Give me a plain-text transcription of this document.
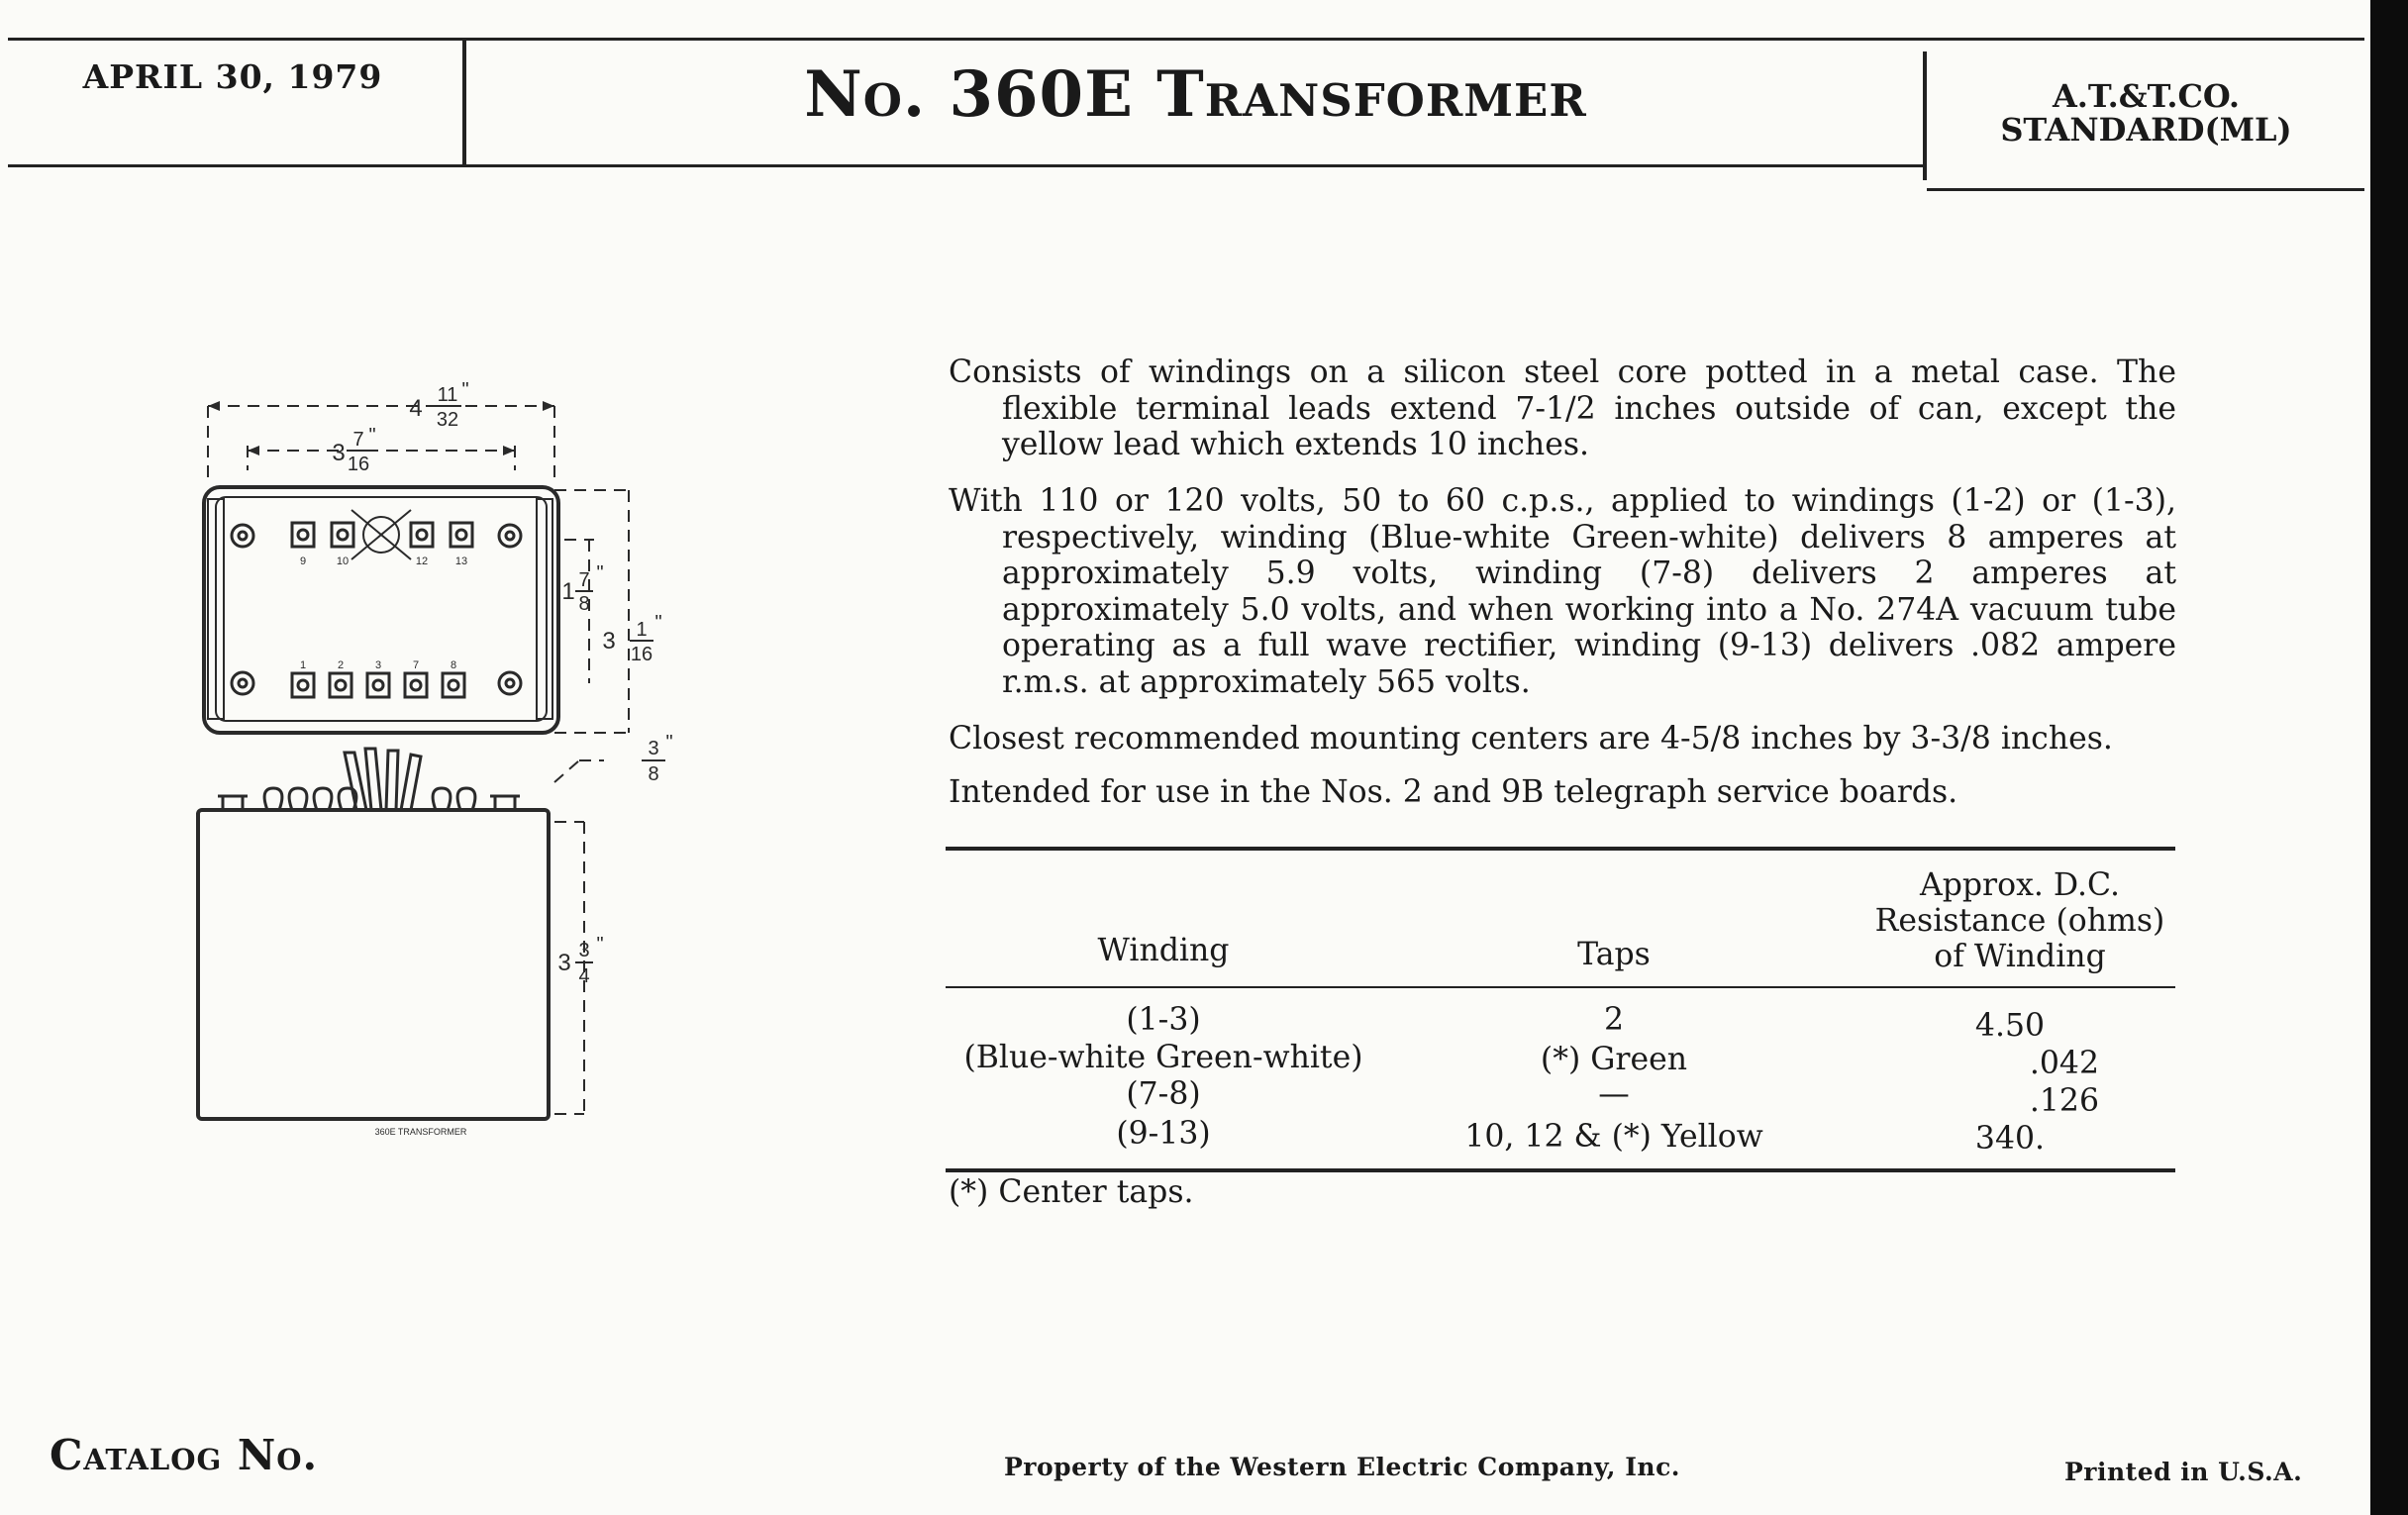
APRIL 30, 1979	No. 360E Transformer	A.T.&T.CO.
STANDARD(ML)
Consists of windings on a silicon steel core potted in a metal case. The flexible terminal leads extend 7-1/2 inches outside of can, except the yellow lead which extends 10 inches.
With 110 or 120 volts, 50 to 60 c.p.s., applied to windings (1-2) or (1-3), respectively, winding (Blue-white Green-white) delivers 8 amperes at approximately 5.9 volts, winding (7-8) delivers 2 amperes at approximately 5.0 volts, and when working into a No. 274A vacuum tube operating as a full wave rectifier, winding (9-13) delivers .082 ampere r.m.s. at approximately 565 volts.
Closest recommended mounting centers are 4-5/8 inches by 3-3/8 inches.
Intended for use in the Nos. 2 and 9B telegraph service boards.
Winding	Taps
Approx. D.C.
Resistance (ohms)
of Winding
(1-3)	2	4.50
(Blue-white Green-white)	(*) Green	.042
(7-8)	—	.126
(9-13)	10, 12 & (*) Yellow	340.
(*) Center taps.
9	10	12	13
1	2	3	7	8
4 11
32
"
3 7
16
"
1 7
8
"
3 1
16
"
3
8
"
3 3
4
"
360E TRANSFORMER
Catalog No.	Property of the Western Electric Company, Inc.	Printed in U.S.A.
